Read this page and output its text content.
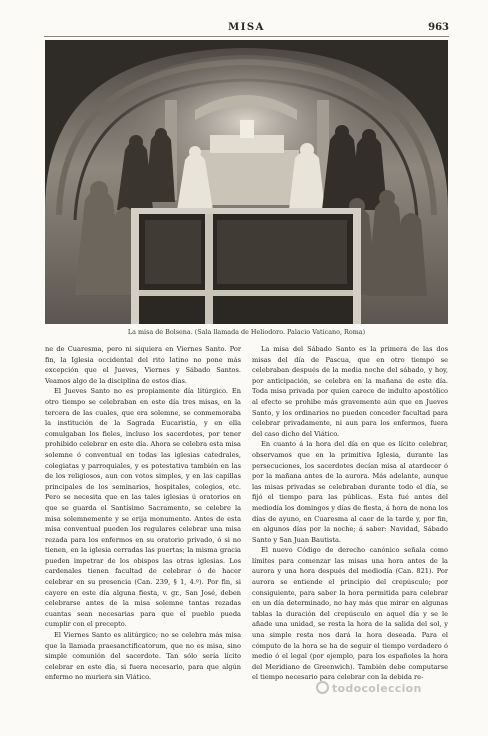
MISA	963
La misa de Bolsena. (Sala llamada de Heliodoro. Palacio Vaticano, Roma)

ne de Cuaresma, pero ni siquiera en Viernes Santo. Por fin, la Iglesia occidental del rito latino no pone más excepción que el Jueves, Viernes y Sábado Santos. Veamos algo de la disciplina de estos días.

El Jueves Santo no es propiamente día litúrgico. En otro tiempo se celebraban en este día tres misas, en la tercera de las cuales, que era solemne, se conmemoraba la institución de la Sagrada Eucaristía, y en ella comulgaban los fieles, incluso los sacerdotes, por tener prohibido celebrar en este día. Ahora se celebra esta misa solemne ó conventual en todas las iglesias catedrales, colegiatas y parroquiales, y es potestativa también en las de los religiosos, aun con votos simples, y en las capillas principales de los seminarios, hospitales, colegios, etc. Pero se necesita que en las tales iglesias ú oratorios en que se guarda el Santísimo Sacramento, se celebre la misa solemnemente y se erija monumento. Antes de esta misa conventual pueden los regulares celebrar una misa rezada para los enfermos en su oratorio privado, ó si no tienen, en la iglesia cerradas las puertas; la misma gracia pueden impetrar de los obispos las otras iglesias. Los cardenales tienen facultad de celebrar ó de hacer celebrar en su presencia (Can. 239, § 1, 4.º). Por fin, si cayere en este día alguna fiesta, v. gr., San José, deben celebrarse antes de la misa solemne tantas rezadas cuantas sean necesarias para que el pueblo pueda cumplir con el precepto.

El Viernes Santo es alitúrgico; no se celebra más misa que la llamada praesanctificatorum, que no es misa, sino simple comunión del sacerdote. Tan sólo sería lícito celebrar en este día, si fuera necesario, para que algún enfermo no muriera sin Viático.

La misa del Sábado Santo es la primera de las dos misas del día de Pascua, que en otro tiempo se celebraban después de la media noche del sábado, y hoy, por anticipación, se celebra en la mañana de este día. Toda misa privada por quien carece de indulto apostólico al efecto se prohibe más gravemente aún que en Jueves Santo, y los ordinarios no pueden conceder facultad para celebrar privadamente, ni aun para los enfermos, fuera del caso dicho del Viático.

En cuanto á la hora del día en que es lícito celebrar, observamos que en la primitiva Iglesia, durante las persecuciones, los sacerdotes decían misa al atardecer ó por la mañana antes de la aurora. Más adelante, aunque las misas privadas se celebraban durante todo el día, se fijó el tiempo para las públicas. Esta fué antes del mediodía los domingos y días de fiesta, á hora de nona los días de ayuno, en Cuaresma al caer de la tarde y, por fin, en algunos días por la noche; á saber: Navidad, Sábado Santo y San Juan Bautista.

El nuevo Código de derecho canónico señala como límites para comenzar las misas una hora antes de la aurora y una hora después del mediodía (Can. 821). Por aurora se entiende el principio del crepúsculo; por consiguiente, para saber la hora permitida para celebrar en un día determinado, no hay más que mirar en algunas tablas la duración del crepúsculo en aquel día y se le añade una unidad, se resta la hora de la salida del sol, y una simple resta nos dará la hora deseada. Para el cómputo de la hora se ha de seguir el tiempo verdadero ó medio ó el legal (por ejemplo, para los españoles la hora del Meridiano de Greenwich). También debe computarse el tiempo necesario para celebrar con la debida re-

todocoleccion
